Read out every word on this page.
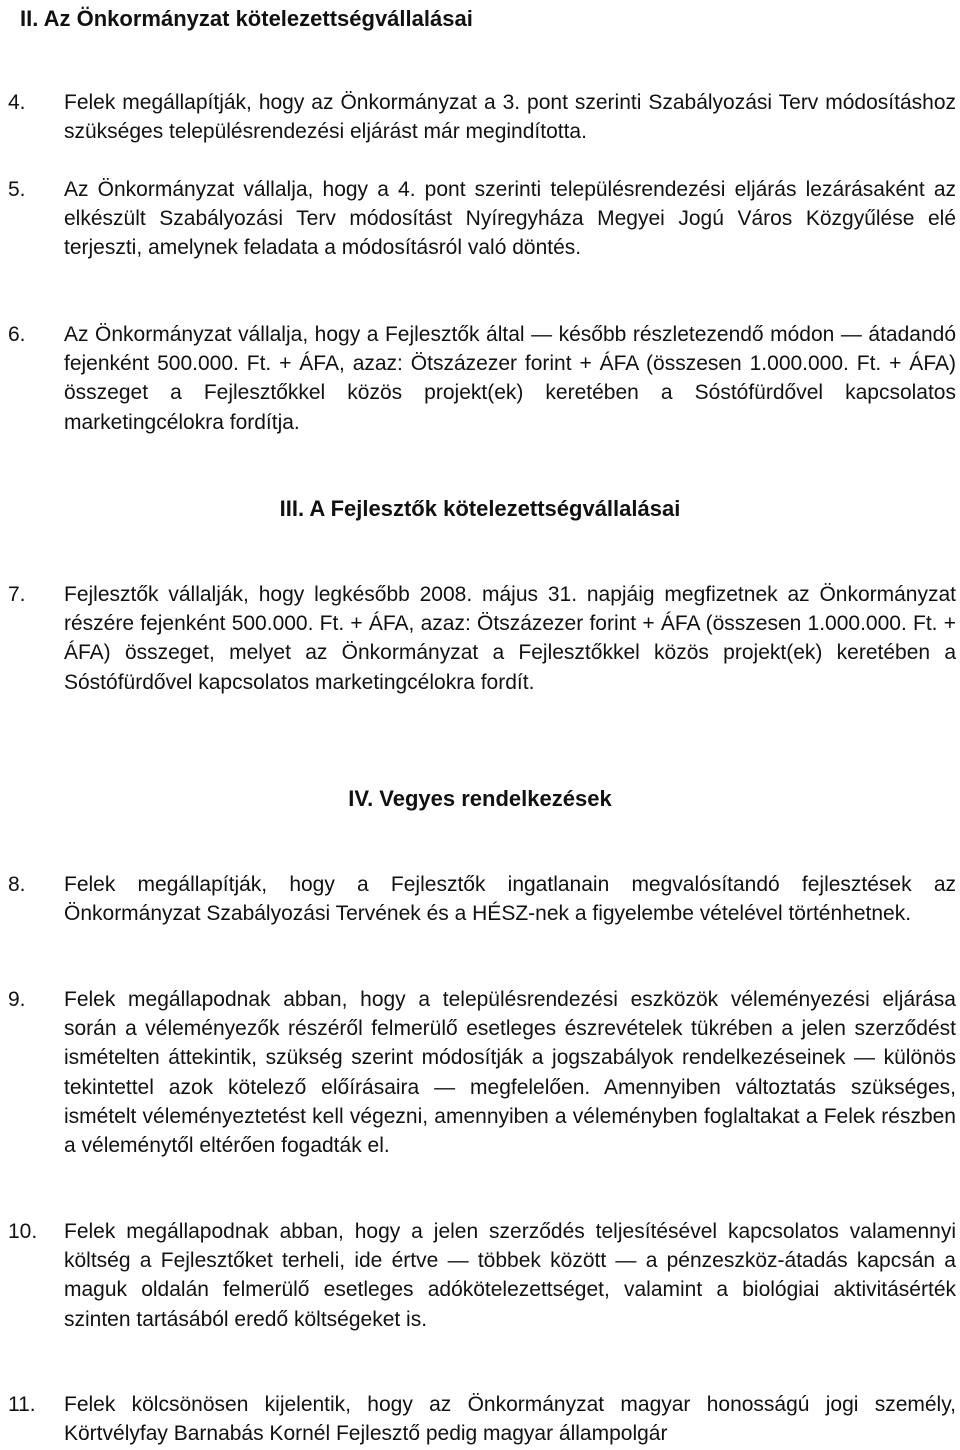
II. Az Önkormányzat kötelezettségvállalásai
4. Felek megállapítják, hogy az Önkormányzat a 3. pont szerinti Szabályozási Terv módosításhoz szükséges településrendezési eljárást már megindította.
5. Az Önkormányzat vállalja, hogy a 4. pont szerinti településrendezési eljárás lezárásaként az elkészült Szabályozási Terv módosítást Nyíregyháza Megyei Jogú Város Közgyűlése elé terjeszti, amelynek feladata a módosításról való döntés.
6. Az Önkormányzat vállalja, hogy a Fejlesztők által — később részletezendő módon — átadandó fejenként 500.000. Ft. + ÁFA, azaz: Ötszázezer forint + ÁFA (összesen 1.000.000. Ft. + ÁFA) összeget a Fejlesztőkkel közös projekt(ek) keretében a Sóstófürdővel kapcsolatos marketingcélokra fordítja.
III. A Fejlesztők kötelezettségvállalásai
7. Fejlesztők vállalják, hogy legkésőbb 2008. május 31. napjáig megfizetnek az Önkormányzat részére fejenként 500.000. Ft. + ÁFA, azaz: Ötszázezer forint + ÁFA (összesen 1.000.000. Ft. + ÁFA) összeget, melyet az Önkormányzat a Fejlesztőkkel közös projekt(ek) keretében a Sóstófürdővel kapcsolatos marketingcélokra fordít.
IV. Vegyes rendelkezések
8. Felek megállapítják, hogy a Fejlesztők ingatlanain megvalósítandó fejlesztések az Önkormányzat Szabályozási Tervének és a HÉSZ-nek a figyelembe vételével történhetnek.
9. Felek megállapodnak abban, hogy a településrendezési eszközök véleményezési eljárása során a véleményezők részéről felmerülő esetleges észrevételek tükrében a jelen szerződést ismételten áttekintik, szükség szerint módosítják a jogszabályok rendelkezéseinek — különös tekintettel azok kötelező előírásaira — megfelelően. Amennyiben változtatás szükséges, ismételt véleményeztetést kell végezni, amennyiben a véleményben foglaltakat a Felek részben a véleménytől eltérően fogadták el.
10. Felek megállapodnak abban, hogy a jelen szerződés teljesítésével kapcsolatos valamennyi költség a Fejlesztőket terheli, ide értve — többek között — a pénzeszköz-átadás kapcsán a maguk oldalán felmerülő esetleges adókötelezettséget, valamint a biológiai aktivitásérték szinten tartásából eredő költségeket is.
11. Felek kölcsönösen kijelentik, hogy az Önkormányzat magyar honosságú jogi személy, Körtvélyfay Barnabás Kornél Fejlesztő pedig magyar állampolgár
